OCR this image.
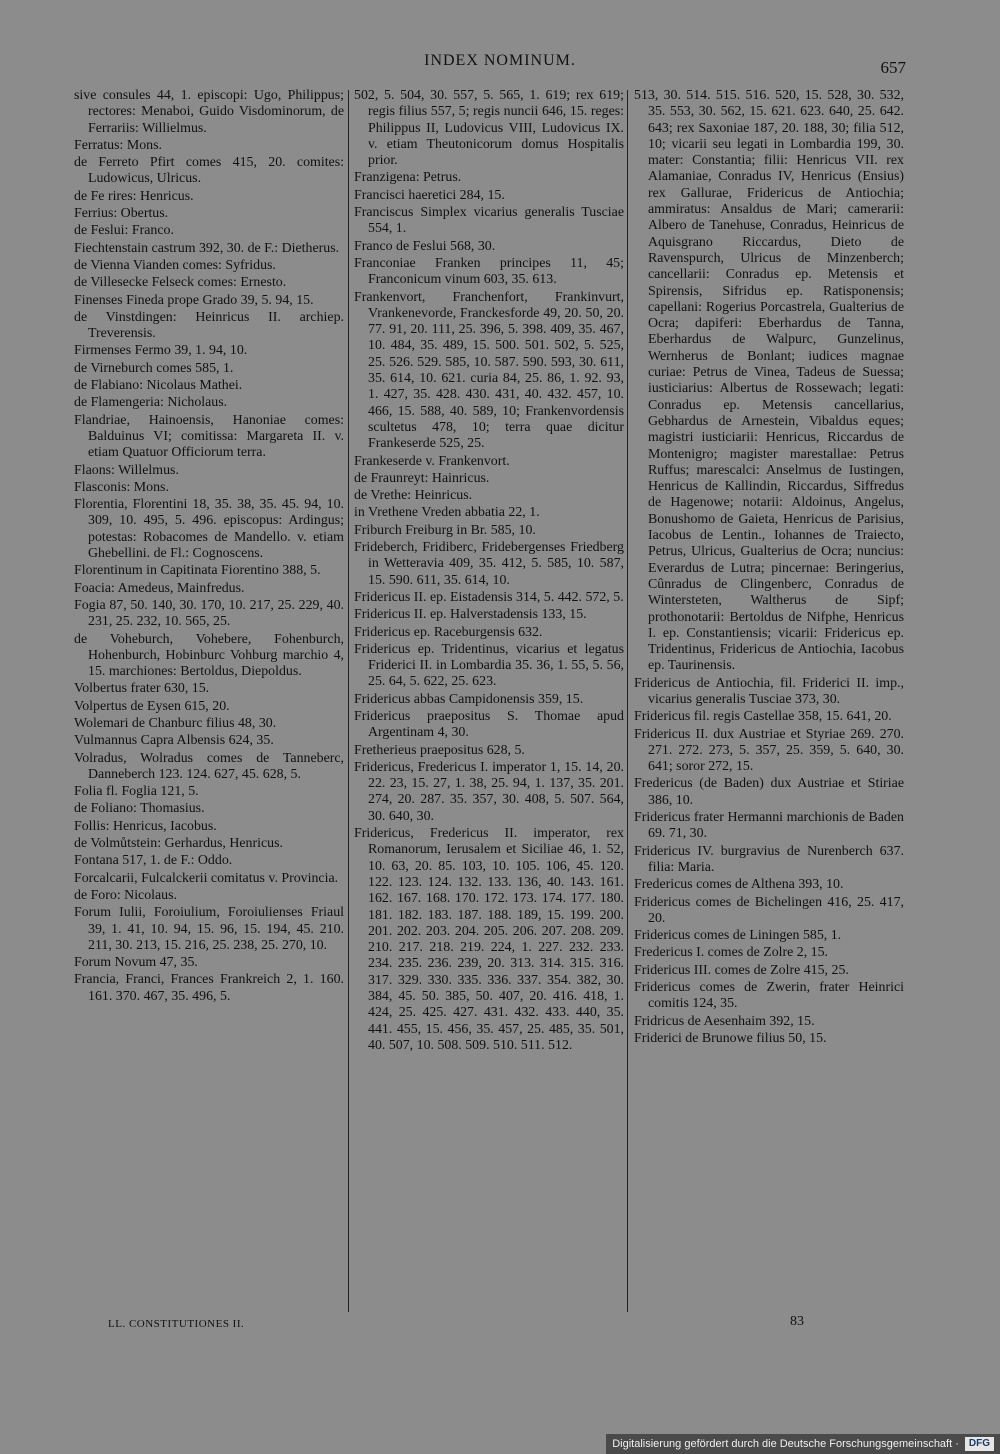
INDEX NOMINUM.	657
sive consules 44, 1. episcopi: Ugo, Philippus; rectores: Menaboi, Guido Visdominorum, de Ferrariis: Willielmus.
Ferratus: Mons.
de Ferreto Pfirt comes 415, 20. comites: Ludowicus, Ulricus.
de Fe rires: Henricus.
Ferrius: Obertus.
de Feslui: Franco.
Fiechtenstain castrum 392, 30. de F.: Dietherus.
de Vienna Vianden comes: Syfridus.
de Villesecke Felseck comes: Ernesto.
Finenses Fineda prope Grado 39, 5. 94, 15.
de Vinstdingen: Heinricus II. archiep. Treverensis.
Firmenses Fermo 39, 1. 94, 10.
de Virneburch comes 585, 1.
de Flabiano: Nicolaus Mathei.
de Flamengeria: Nicholaus.
Flandriae, Hainoensis, Hanoniae comes: Balduinus VI; comitissa: Margareta II. v. etiam Quatuor Officiorum terra.
Flaons: Willelmus.
Flasconis: Mons.
Florentia, Florentini 18, 35. 38, 35. 45. 94, 10. 309, 10. 495, 5. 496. episcopus: Ardingus; potestas: Robacomes de Mandello. v. etiam Ghebellini. de Fl.: Cognoscens.
Florentinum in Capitinata Fiorentino 388, 5.
Foacia: Amedeus, Mainfredus.
Fogia 87, 50. 140, 30. 170, 10. 217, 25. 229, 40. 231, 25. 232, 10. 565, 25.
de Voheburch, Vohebere, Fohenburch, Hohenburch, Hobinburc Vohburg marchio 4, 15. marchiones: Bertoldus, Diepoldus.
Volbertus frater 630, 15.
Volpertus de Eysen 615, 20.
Wolemari de Chanburc filius 48, 30.
Vulmannus Capra Albensis 624, 35.
Volradus, Wolradus comes de Tanneberc, Danneberch 123. 124. 627, 45. 628, 5.
Folia fl. Foglia 121, 5.
de Foliano: Thomasius.
Follis: Henricus, Iacobus.
de Volmůtstein: Gerhardus, Henricus.
Fontana 517, 1. de F.: Oddo.
Forcalcarii, Fulcalckerii comitatus v. Provincia.
de Foro: Nicolaus.
Forum Iulii, Foroiulium, Foroiulienses Friaul 39, 1. 41, 10. 94, 15. 96, 15. 194, 45. 210. 211, 30. 213, 15. 216, 25. 238, 25. 270, 10.
Forum Novum 47, 35.
Francia, Franci, Frances Frankreich 2, 1. 160. 161. 370. 467, 35. 496, 5.
502, 5. 504, 30. 557, 5. 565, 1. 619; rex 619; regis filius 557, 5; regis nuncii 646, 15. reges: Philippus II, Ludovicus VIII, Ludovicus IX. v. etiam Theutonicorum domus Hospitalis prior.
Franzigena: Petrus.
Francisci haeretici 284, 15.
Franciscus Simplex vicarius generalis Tusciae 554, 1.
Franco de Feslui 568, 30.
Franconiae Franken principes 11, 45; Franconicum vinum 603, 35. 613.
Frankenvort, Franchenfort, Frankinvurt, Vrankenevorde, Franckesforde 49, 20. 50, 20. 77. 91, 20. 111, 25. 396, 5. 398. 409, 35. 467, 10. 484, 35. 489, 15. 500. 501. 502, 5. 525, 25. 526. 529. 585, 10. 587. 590. 593, 30. 611, 35. 614, 10. 621. curia 84, 25. 86, 1. 92. 93, 1. 427, 35. 428. 430. 431, 40. 432. 457, 10. 466, 15. 588, 40. 589, 10; Frankenvordensis scultetus 478, 10; terra quae dicitur Frankeserde 525, 25.
Frankeserde v. Frankenvort.
de Fraunreyt: Hainricus.
de Vrethe: Heinricus.
in Vrethene Vreden abbatia 22, 1.
Friburch Freiburg in Br. 585, 10.
Frideberch, Fridiberc, Fridebergenses Friedberg in Wetteravia 409, 35. 412, 5. 585, 10. 587, 15. 590. 611, 35. 614, 10.
Fridericus II. ep. Eistadensis 314, 5. 442. 572, 5.
Fridericus II. ep. Halverstadensis 133, 15.
Fridericus ep. Raceburgensis 632.
Fridericus ep. Tridentinus, vicarius et legatus Friderici II. in Lombardia 35. 36, 1. 55, 5. 56, 25. 64, 5. 622, 25. 623.
Fridericus abbas Campidonensis 359, 15.
Fridericus praepositus S. Thomae apud Argentinam 4, 30.
Fretherieus praepositus 628, 5.
Fridericus, Fredericus I. imperator 1, 15. 14, 20. 22. 23, 15. 27, 1. 38, 25. 94, 1. 137, 35. 201. 274, 20. 287. 35. 357, 30. 408, 5. 507. 564, 30. 640, 30.
Fridericus, Fredericus II. imperator, rex Romanorum, Ierusalem et Siciliae 46, 1. 52, 10. 63, 20. 85. 103, 10. 105. 106, 45. 120. 122. 123. 124. 132. 133. 136, 40. 143. 161. 162. 167. 168. 170. 172. 173. 174. 177. 180. 181. 182. 183. 187. 188. 189, 15. 199. 200. 201. 202. 203. 204. 205. 206. 207. 208. 209. 210. 217. 218. 219. 224, 1. 227. 232. 233. 234. 235. 236. 239, 20. 313. 314. 315. 316. 317. 329. 330. 335. 336. 337. 354. 382, 30. 384, 45. 50. 385, 50. 407, 20. 416. 418, 1. 424, 25. 425. 427. 431. 432. 433. 440, 35. 441. 455, 15. 456, 35. 457, 25. 485, 35. 501, 40. 507, 10. 508. 509. 510. 511. 512.
513, 30. 514. 515. 516. 520, 15. 528, 30. 532, 35. 553, 30. 562, 15. 621. 623. 640, 25. 642. 643; rex Saxoniae 187, 20. 188, 30; filia 512, 10; vicarii seu legati in Lombardia 199, 30. mater: Constantia; filii: Henricus VII. rex Alamaniae, Conradus IV, Henricus (Ensius) rex Gallurae, Fridericus de Antiochia; ammiratus: Ansaldus de Mari; camerarii: Albero de Tanehuse, Conradus, Heinricus de Aquisgrano Riccardus, Dieto de Ravenspurch, Ulricus de Minzenberch; cancellarii: Conradus ep. Metensis et Spirensis, Sifridus ep. Ratisponensis; capellani: Rogerius Porcastrela, Gualterius de Ocra; dapiferi: Eberhardus de Tanna, Eberhardus de Walpurc, Gunzelinus, Wernherus de Bonlant; iudices magnae curiae: Petrus de Vinea, Tadeus de Suessa; iusticiarius: Albertus de Rossewach; legati: Conradus ep. Metensis cancellarius, Gebhardus de Arnestein, Vibaldus eques; magistri iusticiarii: Henricus, Riccardus de Montenigro; magister marestallae: Petrus Ruffus; marescalci: Anselmus de Iustingen, Henricus de Kallindin, Riccardus, Siffredus de Hagenowe; notarii: Aldoinus, Angelus, Bonushomo de Gaieta, Henricus de Parisius, Iacobus de Lentin., Iohannes de Traiecto, Petrus, Ulricus, Gualterius de Ocra; nuncius: Everardus de Lutra; pincernae: Beringerius, Cûnradus de Clingenberc, Conradus de Wintersteten, Waltherus de Sipf; prothonotarii: Bertoldus de Nifphe, Henricus I. ep. Constantiensis; vicarii: Fridericus ep. Tridentinus, Fridericus de Antiochia, Iacobus ep. Taurinensis.
Fridericus de Antiochia, fil. Friderici II. imp., vicarius generalis Tusciae 373, 30.
Fridericus fil. regis Castellae 358, 15. 641, 20.
Fridericus II. dux Austriae et Styriae 269. 270. 271. 272. 273, 5. 357, 25. 359, 5. 640, 30. 641; soror 272, 15.
Fredericus (de Baden) dux Austriae et Stiriae 386, 10.
Fridericus frater Hermanni marchionis de Baden 69. 71, 30.
Fridericus IV. burgravius de Nurenberch 637. filia: Maria.
Fredericus comes de Althena 393, 10.
Fridericus comes de Bichelingen 416, 25. 417, 20.
Fridericus comes de Liningen 585, 1.
Fredericus I. comes de Zolre 2, 15.
Fridericus III. comes de Zolre 415, 25.
Fridericus comes de Zwerin, frater Heinrici comitis 124, 35.
Fridricus de Aesenhaim 392, 15.
Friderici de Brunowe filius 50, 15.
LL. CONSTITUTIONES II.	83
Digitalisierung gefördert durch die Deutsche Forschungsgemeinschaft ·	DFG
